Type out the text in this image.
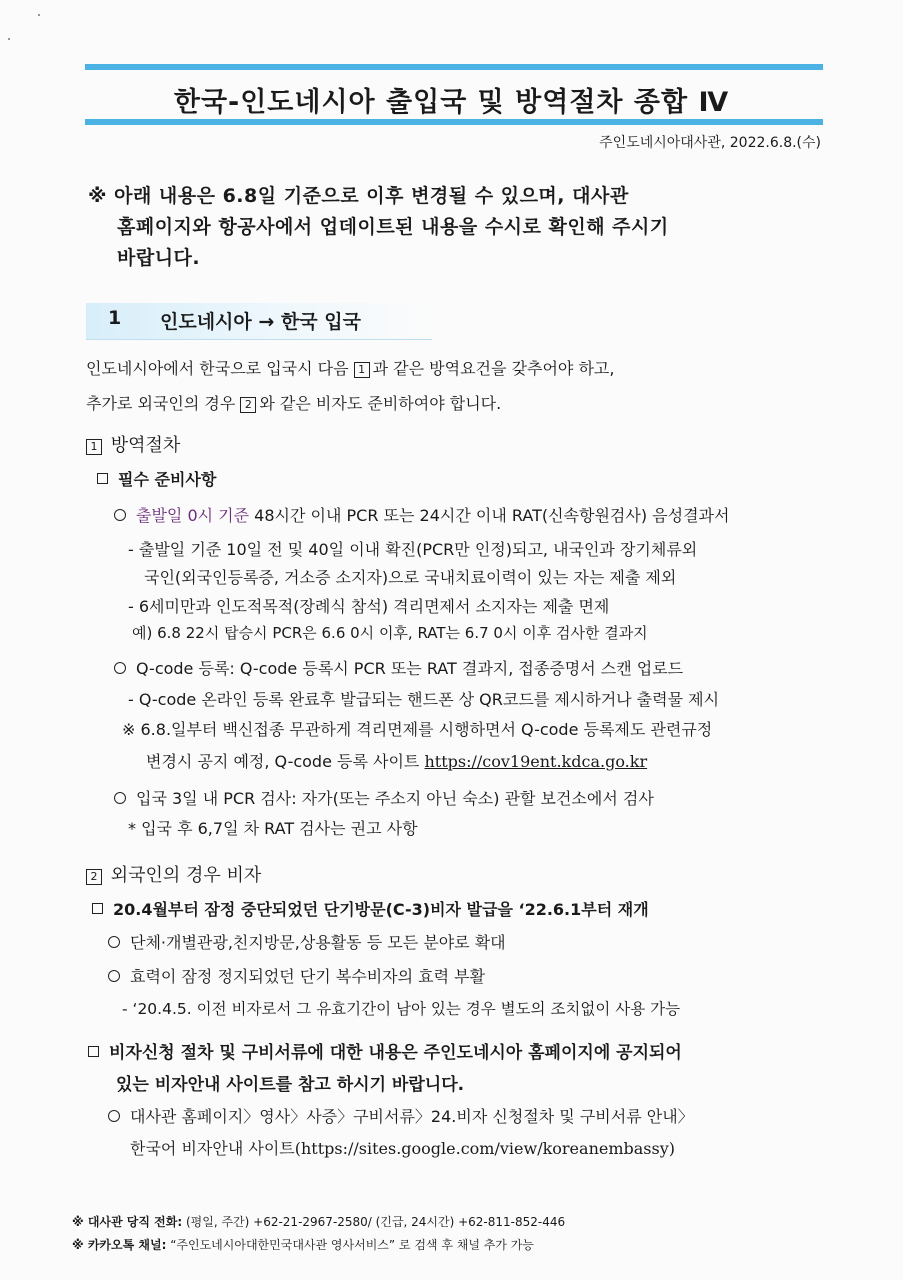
한국-인도네시아 출입국 및 방역절차 종합 Ⅳ
주인도네시아대사관, 2022.6.8.(수)
※ 아래 내용은 6.8일 기준으로 이후 변경될 수 있으며, 대사관
홈페이지와 항공사에서 업데이트된 내용을 수시로 확인해 주시기
바랍니다.
1 인도네시아 → 한국 입국
인도네시아에서 한국으로 입국시 다음 1 과 같은 방역요건을 갖추어야 하고,
추가로 외국인의 경우 2 와 같은 비자도 준비하여야 합니다.
1 방역절차
필수 준비사항
출발일 0시 기준 48시간 이내 PCR 또는 24시간 이내 RAT(신속항원검사) 음성결과서
- 출발일 기준 10일 전 및 40일 이내 확진(PCR만 인정)되고, 내국인과 장기체류외
국인(외국인등록증, 거소증 소지자)으로 국내치료이력이 있는 자는 제출 제외
- 6세미만과 인도적목적(장례식 참석) 격리면제서 소지자는 제출 면제
예) 6.8 22시 탑승시 PCR은 6.6 0시 이후, RAT는 6.7 0시 이후 검사한 결과지
Q-code 등록: Q-code 등록시 PCR 또는 RAT 결과지, 접종증명서 스캔 업로드
- Q-code 온라인 등록 완료후 발급되는 핸드폰 상 QR코드를 제시하거나 출력물 제시
※ 6.8.일부터 백신접종 무관하게 격리면제를 시행하면서 Q-code 등록제도 관련규정
변경시 공지 예정, Q-code 등록 사이트 https://cov19ent.kdca.go.kr
입국 3일 내 PCR 검사: 자가(또는 주소지 아닌 숙소) 관할 보건소에서 검사
* 입국 후 6,7일 차 RAT 검사는 권고 사항
2 외국인의 경우 비자
20.4월부터 잠정 중단되었던 단기방문(C-3)비자 발급을 ‘22.6.1부터 재개
단체·개별관광,친지방문,상용활동 등 모든 분야로 확대
효력이 잠정 정지되었던 단기 복수비자의 효력 부활
- ‘20.4.5. 이전 비자로서 그 유효기간이 남아 있는 경우 별도의 조치없이 사용 가능
비자신청 절차 및 구비서류에 대한 내용은 주인도네시아 홈페이지에 공지되어
있는 비자안내 사이트를 참고 하시기 바랍니다.
대사관 홈페이지〉영사〉사증〉구비서류〉24.비자 신청절차 및 구비서류 안내〉
한국어 비자안내 사이트(https://sites.google.com/view/koreanembassy)
※ 대사관 당직 전화: (평일, 주간) +62-21-2967-2580/ (긴급, 24시간) +62-811-852-446
※ 카카오톡 채널: “주인도네시아대한민국대사관 영사서비스” 로 검색 후 채널 추가 가능
